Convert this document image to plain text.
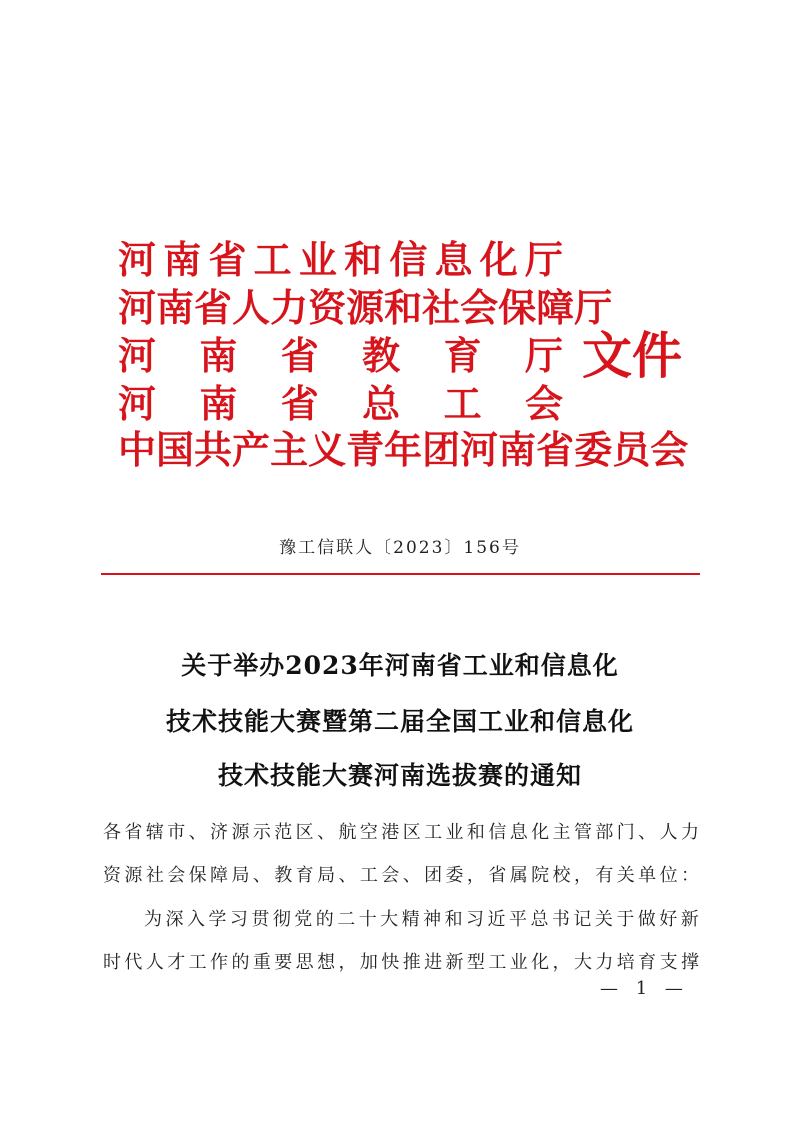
河 南 省 工 业 和 信 息 化 厅
河 南 省 人 力 资 源 和 社 会 保 障 厅
河 南 省 教 育 厅
河 南 省 总 工 会
中 国 共 产 主 义 青 年 团 河 南 省 委 员 会
文件
豫工信联人〔2023〕156号
关于举办2023年河南省工业和信息化
技术技能大赛暨第二届全国工业和信息化
技术技能大赛河南选拔赛的通知
各 省 辖 市 、 济 源 示 范 区 、 航 空 港 区 工 业 和 信 息 化 主 管 部 门 、 人 力
资 源 社 会 保 障 局 、 教 育 局 、 工 会 、 团 委 ， 省 属 院 校 ， 有 关 单 位 ：
为 深 入 学 习 贯 彻 党 的 二 十 大 精 神 和 习 近 平 总 书 记 关 于 做 好 新
时 代 人 才 工 作 的 重 要 思 想 ， 加 快 推 进 新 型 工 业 化 ， 大 力 培 育 支 撑
— 1 —
